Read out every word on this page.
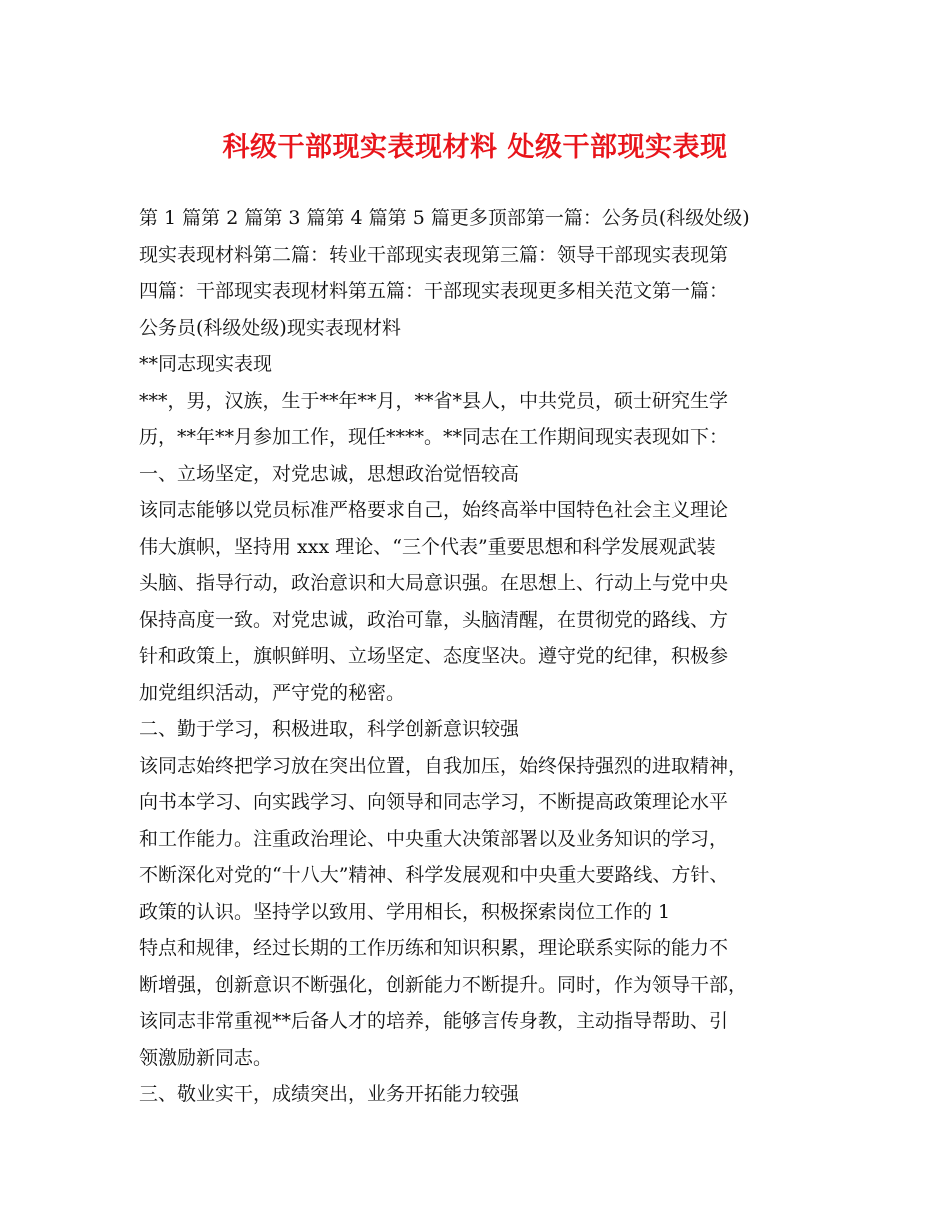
科级干部现实表现材料 处级干部现实表现
第 1 篇第 2 篇第 3 篇第 4 篇第 5 篇更多顶部第一篇：公务员(科级处级)
现实表现材料第二篇：转业干部现实表现第三篇：领导干部现实表现第
四篇：干部现实表现材料第五篇：干部现实表现更多相关范文第一篇：
公务员(科级处级)现实表现材料
**同志现实表现
***，男，汉族，生于**年**月，**省*县人，中共党员，硕士研究生学
历，**年**月参加工作，现任****。**同志在工作期间现实表现如下：
一、立场坚定，对党忠诚，思想政治觉悟较高
该同志能够以党员标准严格要求自己，始终高举中国特色社会主义理论
伟大旗帜，坚持用 xxx 理论、“三个代表”重要思想和科学发展观武装
头脑、指导行动，政治意识和大局意识强。在思想上、行动上与党中央
保持高度一致。对党忠诚，政治可靠，头脑清醒，在贯彻党的路线、方
针和政策上，旗帜鲜明、立场坚定、态度坚决。遵守党的纪律，积极参
加党组织活动，严守党的秘密。
二、勤于学习，积极进取，科学创新意识较强
该同志始终把学习放在突出位置，自我加压，始终保持强烈的进取精神，
向书本学习、向实践学习、向领导和同志学习，不断提高政策理论水平
和工作能力。注重政治理论、中央重大决策部署以及业务知识的学习，
不断深化对党的“十八大”精神、科学发展观和中央重大要路线、方针、
政策的认识。坚持学以致用、学用相长，积极探索岗位工作的 1
特点和规律，经过长期的工作历练和知识积累，理论联系实际的能力不
断增强，创新意识不断强化，创新能力不断提升。同时，作为领导干部，
该同志非常重视**后备人才的培养，能够言传身教，主动指导帮助、引
领激励新同志。
三、敬业实干，成绩突出，业务开拓能力较强
